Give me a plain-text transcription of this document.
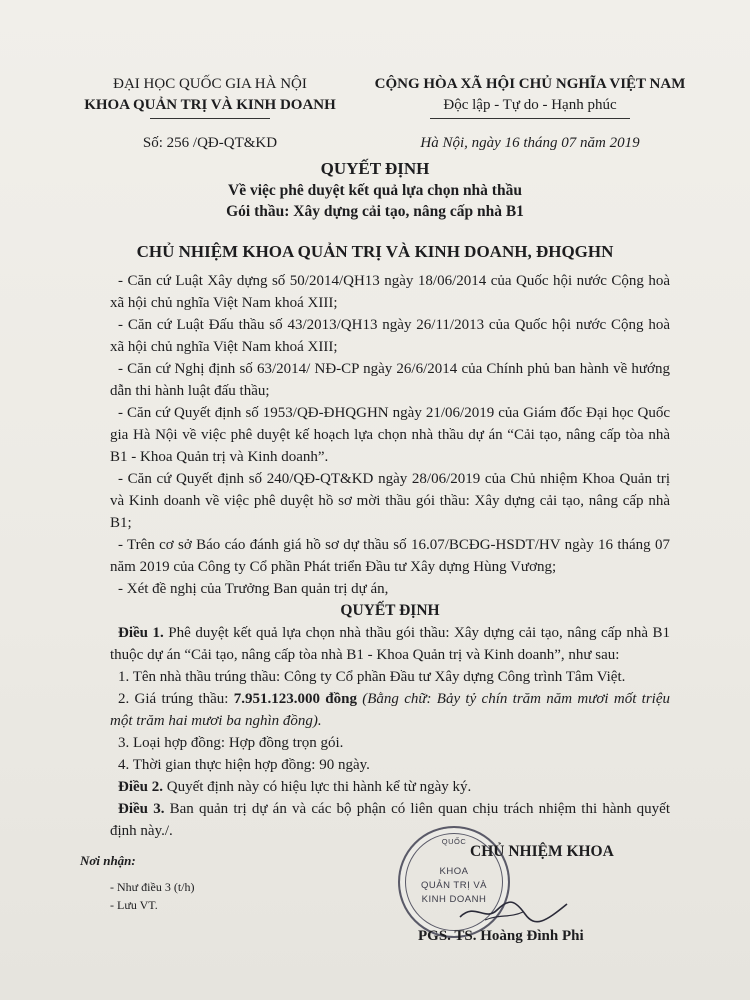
ĐẠI HỌC QUỐC GIA HÀ NỘI
KHOA QUẢN TRỊ VÀ KINH DOANH
Số: 256 /QĐ-QT&KD
CỘNG HÒA XÃ HỘI CHỦ NGHĨA VIỆT NAM
Độc lập - Tự do - Hạnh phúc
Hà Nội, ngày 16 tháng 07 năm 2019
QUYẾT ĐỊNH
Về việc phê duyệt kết quả lựa chọn nhà thầu
Gói thầu: Xây dựng cải tạo, nâng cấp nhà B1
CHỦ NHIỆM KHOA QUẢN TRỊ VÀ KINH DOANH, ĐHQGHN

- Căn cứ Luật Xây dựng số 50/2014/QH13 ngày 18/06/2014 của Quốc hội nước Cộng hoà xã hội chủ nghĩa Việt Nam khoá XIII;

- Căn cứ Luật Đấu thầu số 43/2013/QH13 ngày 26/11/2013 của Quốc hội nước Cộng hoà xã hội chủ nghĩa Việt Nam khoá XIII;

- Căn cứ Nghị định số 63/2014/ NĐ-CP ngày 26/6/2014 của Chính phủ ban hành về hướng dẫn thi hành luật đấu thầu;

- Căn cứ Quyết định số 1953/QĐ-ĐHQGHN ngày 21/06/2019 của Giám đốc Đại học Quốc gia Hà Nội về việc phê duyệt kế hoạch lựa chọn nhà thầu dự án “Cải tạo, nâng cấp tòa nhà B1 - Khoa Quản trị và Kinh doanh”.

- Căn cứ Quyết định số 240/QĐ-QT&KD ngày 28/06/2019 của Chủ nhiệm Khoa Quản trị và Kinh doanh về việc phê duyệt hồ sơ mời thầu gói thầu: Xây dựng cải tạo, nâng cấp nhà B1;

- Trên cơ sở Báo cáo đánh giá hồ sơ dự thầu số 16.07/BCĐG-HSDT/HV ngày 16 tháng 07 năm 2019 của Công ty Cổ phần Phát triển Đầu tư Xây dựng Hùng Vương;

- Xét đề nghị của Trưởng Ban quản trị dự án,

QUYẾT ĐỊNH

Điều 1. Phê duyệt kết quả lựa chọn nhà thầu gói thầu: Xây dựng cải tạo, nâng cấp nhà B1 thuộc dự án “Cải tạo, nâng cấp tòa nhà B1 - Khoa Quản trị và Kinh doanh”, như sau:

1. Tên nhà thầu trúng thầu: Công ty Cổ phần Đầu tư Xây dựng Công trình Tâm Việt.

2. Giá trúng thầu: 7.951.123.000 đồng (Bằng chữ: Bảy tỷ chín trăm năm mươi mốt triệu một trăm hai mươi ba nghìn đồng).

3. Loại hợp đồng: Hợp đồng trọn gói.

4. Thời gian thực hiện hợp đồng: 90 ngày.

Điều 2. Quyết định này có hiệu lực thi hành kể từ ngày ký.

Điều 3. Ban quản trị dự án và các bộ phận có liên quan chịu trách nhiệm thi hành quyết định này./.

Nơi nhận:
- Như điều 3 (t/h)
- Lưu VT.
QUỐC
KHOA
QUẢN TRỊ VÀ
KINH DOANH
CHỦ NHIỆM KHOA
PGS. TS. Hoàng Đình Phi
